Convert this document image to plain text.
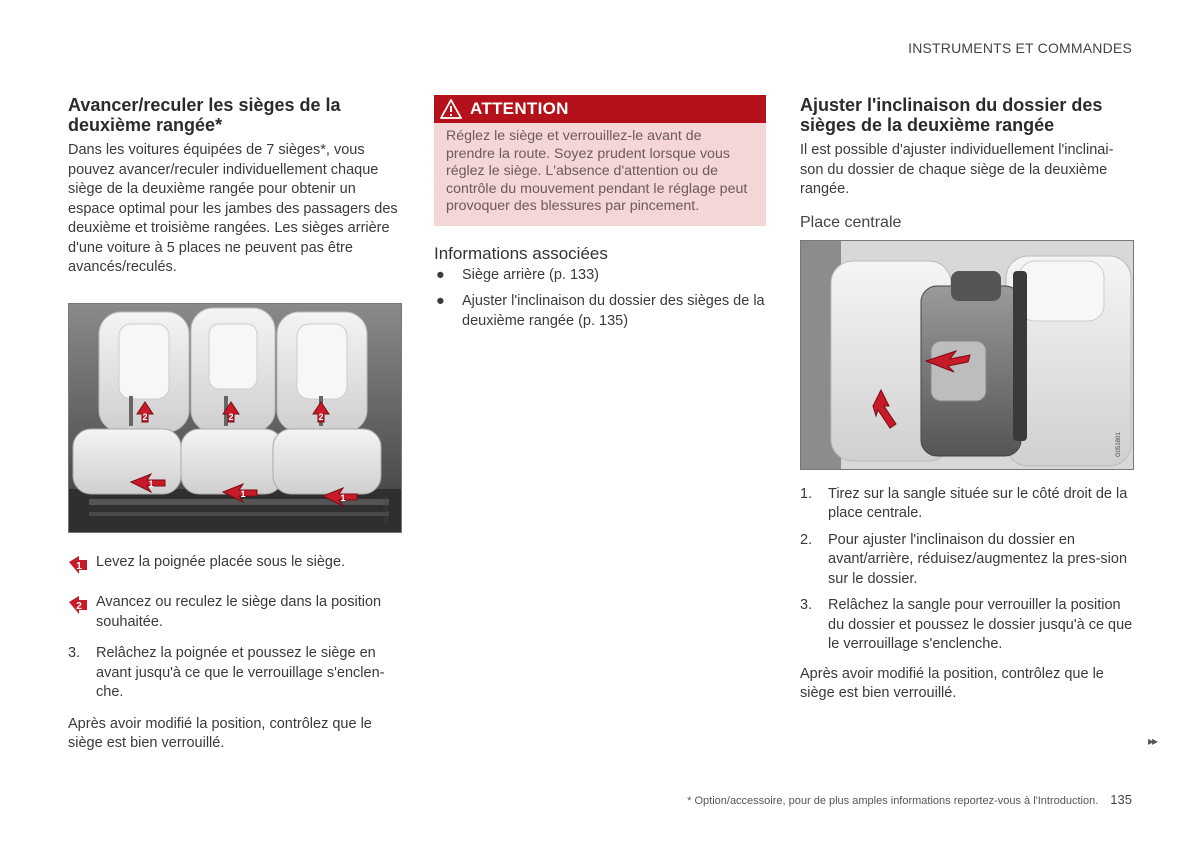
INSTRUMENTS ET COMMANDES
Avancer/reculer les sièges de la deuxième rangée*

Dans les voitures équipées de 7 sièges*, vous pouvez avancer/reculer individuellement chaque siège de la deuxième rangée pour obtenir un espace optimal pour les jambes des passagers des deuxième et troisième rangées. Les sièges arrière d'une voiture à 5 places ne peuvent pas être avancés/reculés.

1
1	1
2	2	2
G051800
1 Levez la poignée placée sous le siège.
2 Avancez ou reculez le siège dans la position souhaitée.
3.	Relâchez la poignée et poussez le siège en avant jusqu'à ce que le verrouillage s'enclen-che.

Après avoir modifié la position, contrôlez que le siège est bien verrouillé.

ATTENTION
Réglez le siège et verrouillez-le avant de prendre la route. Soyez prudent lorsque vous réglez le siège. L'absence d'attention ou de contrôle du mouvement pendant le réglage peut provoquer des blessures par pincement.
Informations associées
●	Siège arrière (p. 133)
●	Ajuster l'inclinaison du dossier des sièges de la deuxième rangée (p. 135)
Ajuster l'inclinaison du dossier des sièges de la deuxième rangée

Il est possible d'ajuster individuellement l'inclinai-son du dossier de chaque siège de la deuxième rangée.

Place centrale
G051801
1.	Tirez sur la sangle située sur le côté droit de la place centrale.
2.	Pour ajuster l'inclinaison du dossier en avant/arrière, réduisez/augmentez la pres-sion sur le dossier.
3.	Relâchez la sangle pour verrouiller la position du dossier et poussez le dossier jusqu'à ce que le verrouillage s'enclenche.

Après avoir modifié la position, contrôlez que le siège est bien verrouillé.

▸▸
* Option/accessoire, pour de plus amples informations reportez-vous à l'Introduction. 135
